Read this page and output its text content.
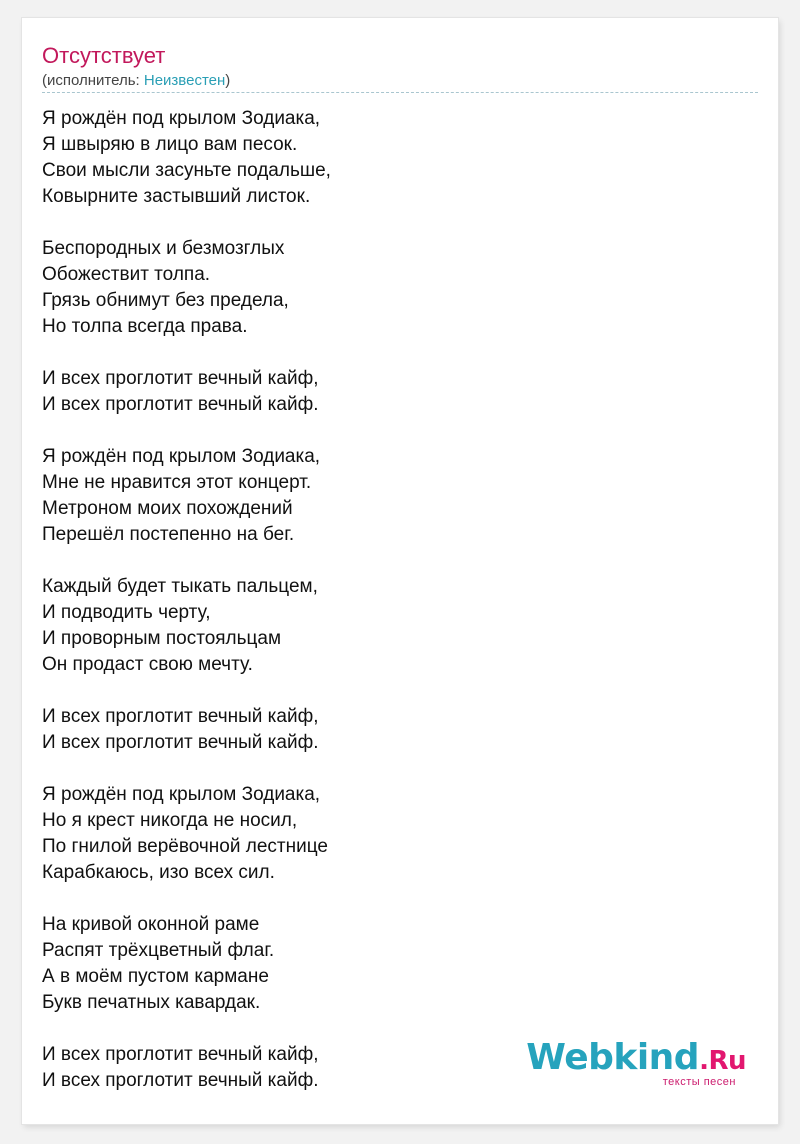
Отсутствует
(исполнитель: Неизвестен)
Я рождён под крылом Зодиака,
Я швыряю в лицо вам песок.
Свои мысли засуньте подальше,
Ковырните застывший листок.
Беспородных и безмозглых
Обожествит толпа.
Грязь обнимут без предела,
Но толпа всегда права.
И всех проглотит вечный кайф,
И всех проглотит вечный кайф.
Я рождён под крылом Зодиака,
Мне не нравится этот концерт.
Метроном моих похождений
Перешёл постепенно на бег.
Каждый будет тыкать пальцем,
И подводить черту,
И проворным постояльцам
Он продаст свою мечту.
И всех проглотит вечный кайф,
И всех проглотит вечный кайф.
Я рождён под крылом Зодиака,
Но я крест никогда не носил,
По гнилой верёвочной лестнице
Карабкаюсь, изо всех сил.
На кривой оконной раме
Распят трёхцветный флаг.
А в моём пустом кармане
Букв печатных кавардак.
И всех проглотит вечный кайф,
И всех проглотит вечный кайф.
Webkind.Ru
тексты песен
